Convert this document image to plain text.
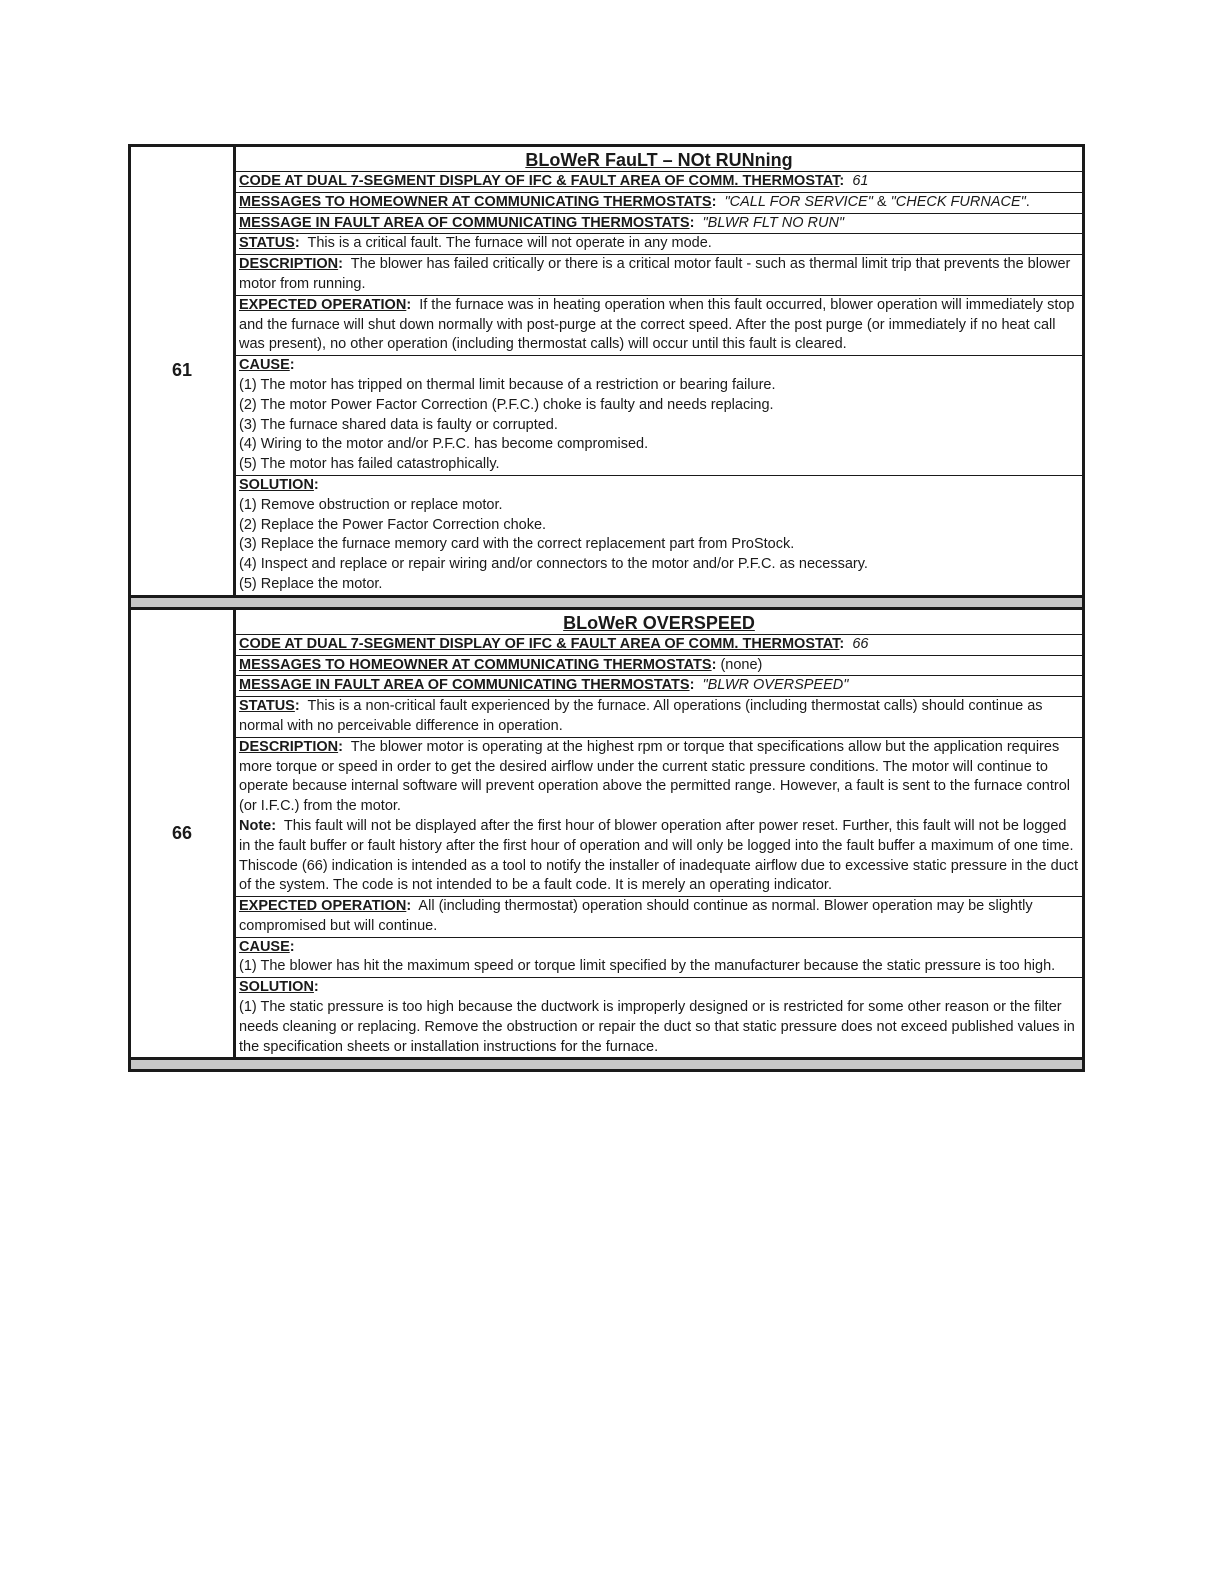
61
BLoWeR FauLT – NOt RUNning
CODE AT DUAL 7-SEGMENT DISPLAY OF IFC & FAULT AREA OF COMM. THERMOSTAT: 61
MESSAGES TO HOMEOWNER AT COMMUNICATING THERMOSTATS: "CALL FOR SERVICE" & "CHECK FURNACE".
MESSAGE IN FAULT AREA OF COMMUNICATING THERMOSTATS: "BLWR FLT NO RUN"
STATUS: This is a critical fault. The furnace will not operate in any mode.
DESCRIPTION: The blower has failed critically or there is a critical motor fault - such as thermal limit trip that prevents the blower motor from running.
EXPECTED OPERATION: If the furnace was in heating operation when this fault occurred, blower operation will immediately stop and the furnace will shut down normally with post-purge at the correct speed. After the post purge (or immediately if no heat call was present), no other operation (including thermostat calls) will occur until this fault is cleared.
CAUSE:
(1) The motor has tripped on thermal limit because of a restriction or bearing failure.
(2) The motor Power Factor Correction (P.F.C.) choke is faulty and needs replacing.
(3) The furnace shared data is faulty or corrupted.
(4) Wiring to the motor and/or P.F.C. has become compromised.
(5) The motor has failed catastrophically.
SOLUTION:
(1) Remove obstruction or replace motor.
(2) Replace the Power Factor Correction choke.
(3) Replace the furnace memory card with the correct replacement part from ProStock.
(4) Inspect and replace or repair wiring and/or connectors to the motor and/or P.F.C. as necessary.
(5) Replace the motor.
66
BLoWeR OVERSPEED
CODE AT DUAL 7-SEGMENT DISPLAY OF IFC & FAULT AREA OF COMM. THERMOSTAT: 66
MESSAGES TO HOMEOWNER AT COMMUNICATING THERMOSTATS: (none)
MESSAGE IN FAULT AREA OF COMMUNICATING THERMOSTATS: "BLWR OVERSPEED"
STATUS: This is a non-critical fault experienced by the furnace. All operations (including thermostat calls) should continue as normal with no perceivable difference in operation.
DESCRIPTION: The blower motor is operating at the highest rpm or torque that specifications allow but the application requires more torque or speed in order to get the desired airflow under the current static pressure conditions. The motor will continue to operate because internal software will prevent operation above the permitted range. However, a fault is sent to the furnace control (or I.F.C.) from the motor.
Note: This fault will not be displayed after the first hour of blower operation after power reset. Further, this fault will not be logged in the fault buffer or fault history after the first hour of operation and will only be logged into the fault buffer a maximum of one time. Thiscode (66) indication is intended as a tool to notify the installer of inadequate airflow due to excessive static pressure in the duct of the system. The code is not intended to be a fault code. It is merely an operating indicator.
EXPECTED OPERATION: All (including thermostat) operation should continue as normal. Blower operation may be slightly compromised but will continue.
CAUSE:
(1) The blower has hit the maximum speed or torque limit specified by the manufacturer because the static pressure is too high.
SOLUTION:
(1) The static pressure is too high because the ductwork is improperly designed or is restricted for some other reason or the filter needs cleaning or replacing. Remove the obstruction or repair the duct so that static pressure does not exceed published values in the specification sheets or installation instructions for the furnace.
